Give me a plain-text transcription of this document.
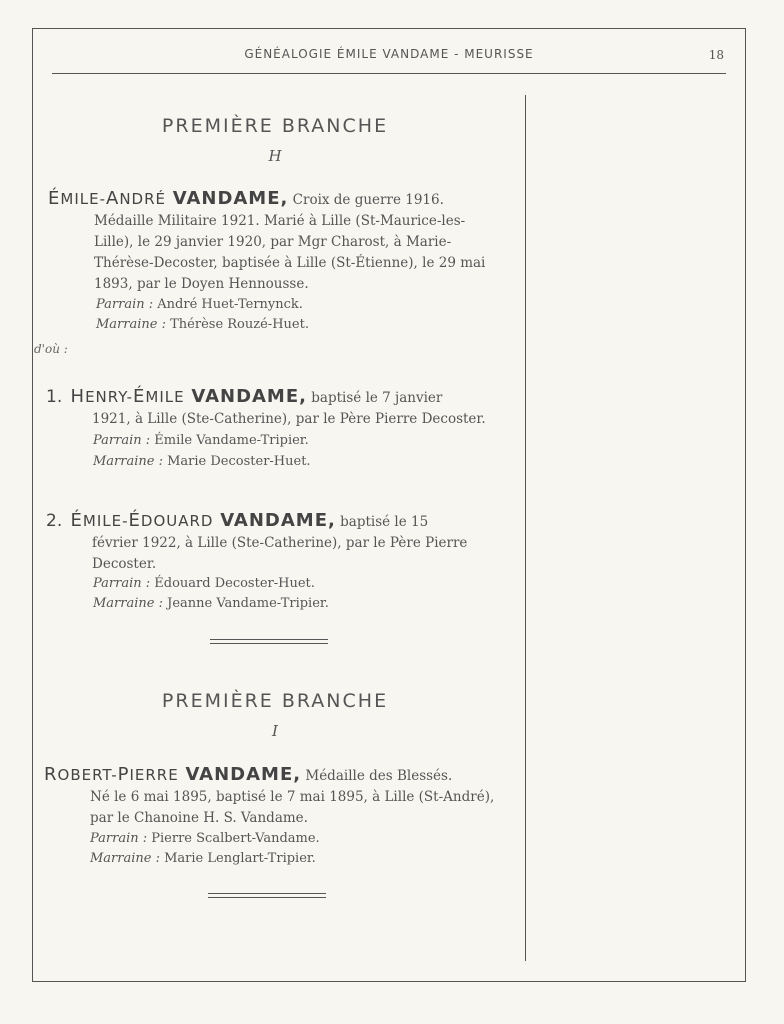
GÉNÉALOGIE ÉMILE VANDAME - MEURISSE	18
PREMIÈRE BRANCHE
H
ÉMILE-ANDRÉ VANDAME, Croix de guerre 1916.
Médaille Militaire 1921. Marié à Lille (St-Maurice-les-
Lille), le 29 janvier 1920, par Mgr Charost, à Marie-
Thérèse-Decoster, baptisée à Lille (St-Étienne), le 29 mai
1893, par le Doyen Hennousse.
Parrain : André Huet-Ternynck.
Marraine : Thérèse Rouzé-Huet.
d'où :
1. HENRY-ÉMILE VANDAME, baptisé le 7 janvier
1921, à Lille (Ste-Catherine), par le Père Pierre Decoster.
Parrain : Émile Vandame-Tripier.
Marraine : Marie Decoster-Huet.
2. ÉMILE-ÉDOUARD VANDAME, baptisé le 15
février 1922, à Lille (Ste-Catherine), par le Père Pierre
Decoster.
Parrain : Édouard Decoster-Huet.
Marraine : Jeanne Vandame-Tripier.
PREMIÈRE BRANCHE
I
ROBERT-PIERRE VANDAME, Médaille des Blessés.
Né le 6 mai 1895, baptisé le 7 mai 1895, à Lille (St-André),
par le Chanoine H. S. Vandame.
Parrain : Pierre Scalbert-Vandame.
Marraine : Marie Lenglart-Tripier.
